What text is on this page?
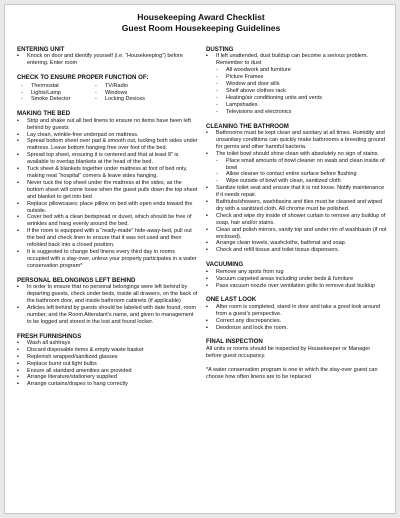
Housekeeping Award Checklist
Guest Room Housekeeping Guidelines
ENTERING UNIT
▪ Knock on door and identify yourself (i.e. “Housekeeping”) before entering. Enter room
CHECK TO ENSURE PROPER FUNCTION OF:
- Thermostat	- TV/Radio
- Lights/Lamp	- Windows
- Smoke Detector	- Locking Devices
MAKING THE BED
▪ Strip and shake out all bed linens to ensure no items have been left behind by guests
▪ Lay clean, wrinkle-free underpad on mattress.
▪ Spread bottom sheet over pad & smooth out, tucking both sides under mattress. Leave bottom hanging free over foot of the bed.
▪ Spread top sheet, ensuring it is centered and that at least 8” is available to overlap blankets at the head of the bed.
▪ Tuck sheet & blankets together under mattress at foot of bed only, making neat “hospital” corners & leave sides hanging.
▪ Never tuck the top sheet under the mattress at the sides, as the bottom sheet will come loose when the guest pulls down the top sheet and blanket to get into bed
▪ Replace pillowcases; place pillow on bed with open ends toward the outside.
▪ Cover bed with a clean bedspread or duvet, which should be free of wrinkles and hang evenly around the bed.
▪ If the room is equipped with a “ready-made” hide-away-bed, pull out the bed and check linen to ensure that it was not used and then refolded back into a closed position.
▪ It is suggested to change bed linens every third day in rooms occupied with a stay-over, unless your property participates in a water conservation program*
PERSONAL BELONGINGS LEFT BEHIND
▪ In order to ensure that no personal belongings were left behind by departing guests, check under beds, inside all drawers, on the back of the bathroom door, and inside bathroom cabinets (if applicable)
▪ Articles left behind by guests should be labeled with date found, room number, and the Room Attendant’s name, and given to management to be logged and stored in the lost and found locker.
FRESH FURNISHINGS
▪ Wash all ashtrays
▪ Discard disposable items & empty waste basket
▪ Replenish wrapped/sanitized glasses
▪ Replace burnt out light bulbs
▪ Ensure all standard amenities are provided
▪ Arrange literature/stationery supplied
▪ Arrange curtains/drapes to hang correctly
DUSTING
▪ If left unattended, dust buildup can become a serious problem. Remember to dust
- All woodwork and furniture
- Picture Frames
- Window and door sills
- Shelf above clothes rack
- Heating/air conditioning units and vents
- Lampshades
- Televisions and electronics
CLEANING THE BATHROOM
▪ Bathrooms must be kept clean and sanitary at all times. Humidity and unsanitary conditions can quickly make bathrooms a breeding ground for germs and other harmful bacteria.
▪ The toilet bowl should shine clean with absolutely no sign of stains.
- Place small amounts of bowl cleaner on swab and clean inside of bowl
- Allow cleaner to contact entire surface before flushing
- Wipe outside of bowl with clean, sanitized cloth
▪ Sanitize toilet seat and ensure that it is not loose. Notify maintenance if it needs repair.
▪ Bathtubs/showers, washbasins and tiles must be cleaned and wiped dry with a sanitized cloth. All chrome must be polished.
▪ Check and wipe dry inside of shower curtain to remove any buildup of soap, hair and/or stains.
▪ Clean and polish mirrors, vanity top and under rim of washbasin (if not enclosed).
▪ Arrange clean towels, washcloths, bathmat and soap.
▪ Check and refill tissue and toilet tissue dispensers.
VACUUMING
▪ Remove any spots from rug
▪ Vacuum carpeted areas including under beds & furniture
▪ Pass vacuum nozzle over ventilation grills to remove dust buildup
ONE LAST LOOK
▪ After room is completed, stand in door and take a good look around from a guest’s perspective.
▪ Correct any discrepancies.
▪ Deodorize and lock the room.
FINAL INSPECTION
All units or rooms should be inspected by Housekeeper or Manager before guest occupancy.
*A water conservation program is one in which the stay-over guest can choose how often linens are to be replaced
